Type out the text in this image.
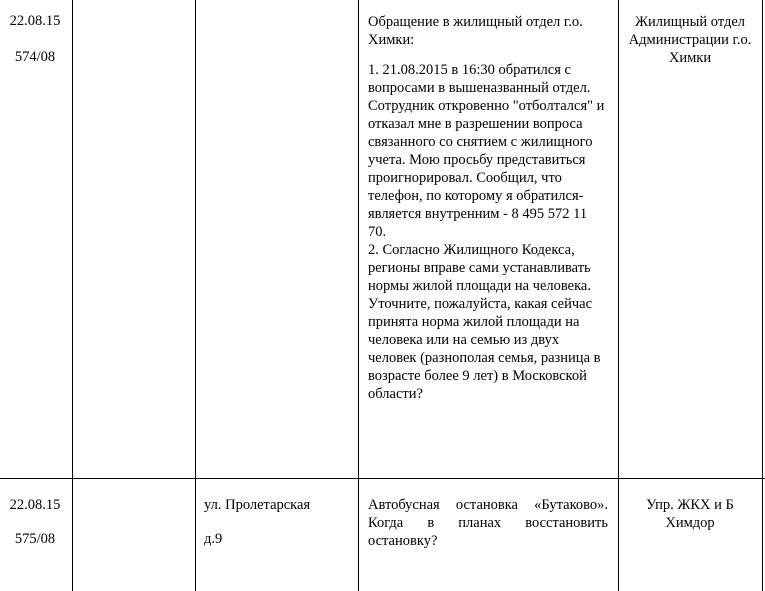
22.08.15
574/08
Обращение в жилищный отдел г.о. Химки:
1. 21.08.2015 в 16:30 обратился с вопросами в вышеназванный отдел.
Сотрудник откровенно "отболтался" и отказал мне в разрешении вопроса связанного со снятием с жилищного учета. Мою просьбу представиться проигнорировал. Сообщил, что телефон, по которому я обратился- является внутренним - 8 495 572 11 70.
2. Согласно Жилищного Кодекса, регионы вправе сами устанавливать нормы жилой площади на человека. Уточните, пожалуйста, какая сейчас принята норма жилой площади на человека или на семью из двух человек (разнополая семья, разница в возрасте более 9 лет) в Московской области?
Жилищный отдел Администрации г.о. Химки
22.08.15
575/08
ул. Пролетарская
д.9
Автобусная остановка «Бутаково». Когда в планах восстановить остановку?
Упр. ЖКХ и Б Химдор
